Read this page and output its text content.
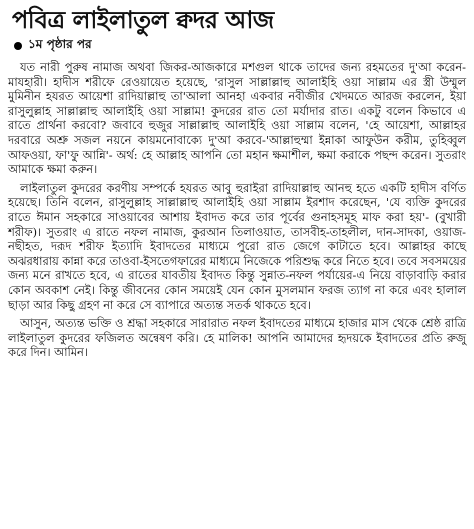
পবিত্র লাইলাতুল ক্বদর আজ
১ম পৃষ্ঠার পর

যত নারী পুরুষ নামাজ অথবা জিকর-আজকারে মশগুল থাকে তাদের জন্য রহমতের দু'আ করেন- মাযহারী। হাদীস শরীফে রেওয়ায়েত হয়েছে, 'রাসুল সাল্লাল্লাহু আলাইহি ওয়া সাল্লাম এর স্ত্রী উম্মুল মুমিনীন হযরত আয়েশা রাদিয়াল্লাহু তা'আলা আনহা একবার নবীজীর খেদমতে আরজ করলেন, ইয়া রাসুলুল্লাহ সাল্লাল্লাহু আলাইহি ওয়া সাল্লাম! কুদরের রাত তো মর্যাদার রাত। একটু বলেন কিভাবে এ রাতে প্রার্থনা করবো? জবাবে হুজুর সাল্লাল্লাহু আলাইহি ওয়া সাল্লাম বলেন, 'হে আয়েশা, আল্লাহর দরবারে অশ্রু সজল নয়নে কায়মনোবাক্যে দু'আ করবে-'আল্লাহুম্মা ইন্নাকা আফুউন করীম, তুহিব্বুল আফওয়া, ফা'ফু আন্নি'- অর্থ: হে আল্লাহ আপনি তো মহান ক্ষমাশীল, ক্ষমা করাকে পছন্দ করেন। সুতরাং আমাকে ক্ষমা করুন।

লাইলাতুল কুদরের করণীয় সম্পর্কে হযরত আবু হুরাইরা রাদিয়াল্লাহু আনহু হতে একটি হাদীস বর্ণিত হয়েছে। তিনি বলেন, রাসুলুল্লাহ সাল্লাল্লাহু আলাইহি ওয়া সাল্লাম ইরশাদ করেছেন, 'যে ব্যক্তি কুদরের রাতে ঈমান সহকারে সাওয়াবের আশায় ইবাদত করে তার পূর্বের গুনাহসমূহ মাফ করা হয়'- (বুখারী শরীফ)। সুতরাং এ রাতে নফল নামাজ, কুরআন তিলাওয়াত, তাসবীহ-তাহলীল, দান-সাদকা, ওয়াজ-নছীহত, দরূদ শরীফ ইত্যাদি ইবাদতের মাধ্যমে পুরো রাত জেগে কাটাতে হবে। আল্লাহর কাছে অঝরধারায় কান্না করে তাওবা-ইসতেগফারের মাধ্যমে নিজেকে পরিশুদ্ধ করে নিতে হবে। তবে সবসময়ের জন্য মনে রাখতে হবে, এ রাতের যাবতীয় ইবাদত কিন্তু সুন্নাত-নফল পর্যায়ের-এ নিয়ে বাড়াবাড়ি করার কোন অবকাশ নেই। কিন্তু জীবনের কোন সময়েই যেন কোন মুসলমান ফরজ ত্যাগ না করে এবং হালাল ছাড়া আর কিছু গ্রহণ না করে সে ব্যাপারে অত্যন্ত সতর্ক থাকতে হবে।

আসুন, অত্যন্ত ভক্তি ও শ্রদ্ধা সহকারে সারারাত নফল ইবাদতের মাধ্যমে হাজার মাস থেকে শ্রেষ্ঠ রাত্রি লাইলাতুল কুদরের ফজিলত অন্বেষণ করি। হে মালিক! আপনি আমাদের হৃদয়কে ইবাদতের প্রতি রুজু করে দিন। আমিন।
